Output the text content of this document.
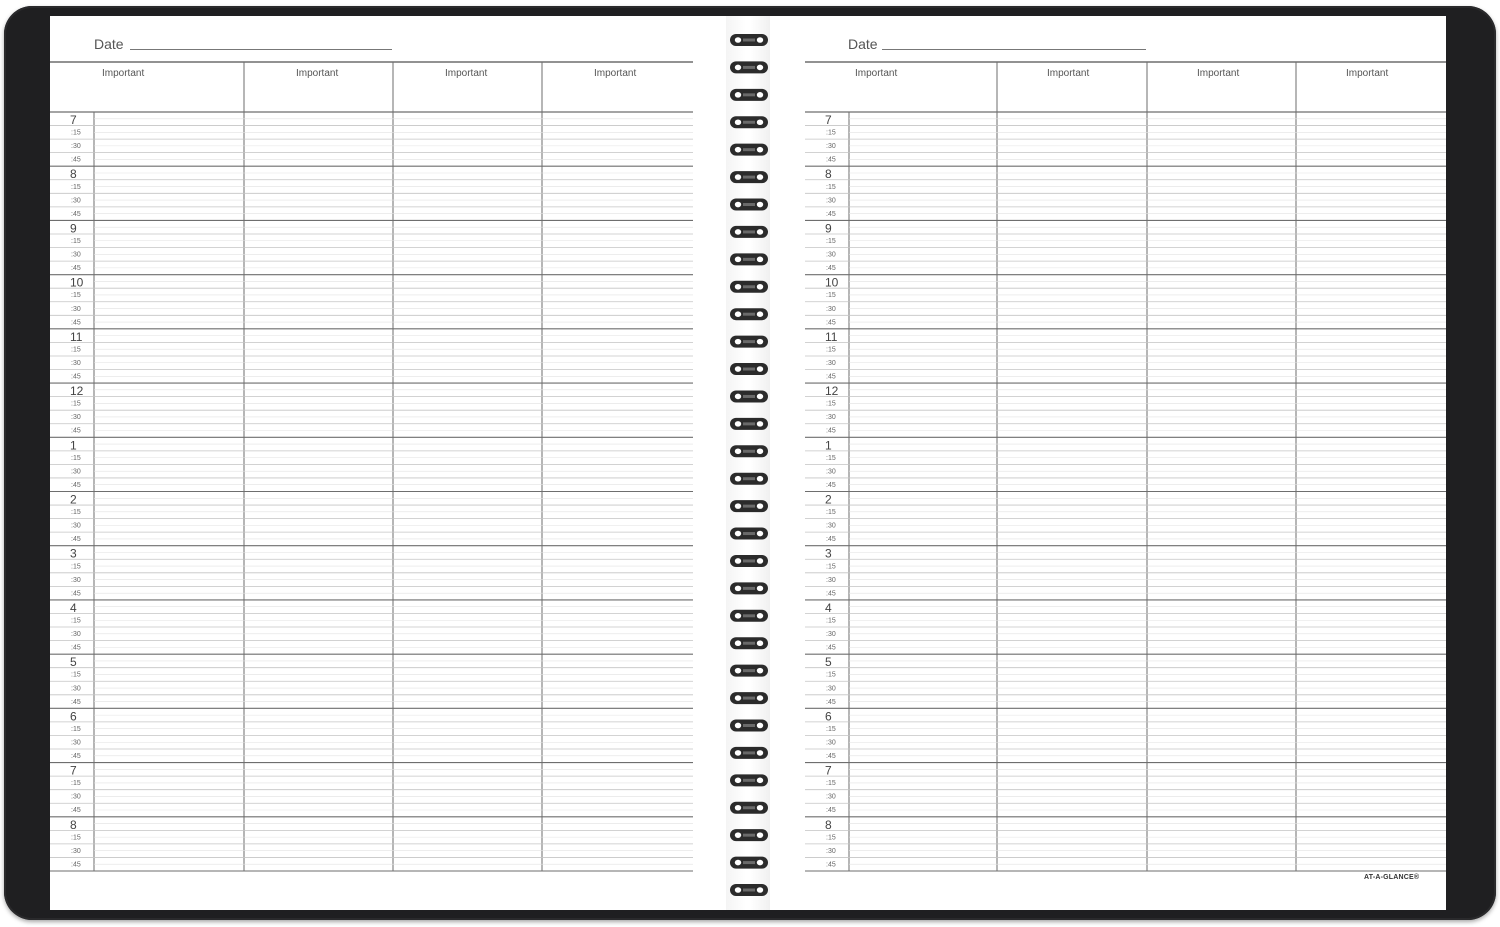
Date
Important	Important	Important	Important
7
:15
:30
:45
8
:15
:30
:45
9
:15
:30
:45
10
:15
:30
:45
11
:15
:30
:45
12
:15
:30
:45
1
:15
:30
:45
2
:15
:30
:45
3
:15
:30
:45
4
:15
:30
:45
5
:15
:30
:45
6
:15
:30
:45
7
:15
:30
:45
8
:15
:30
:45
Date
Important	Important	Important	Important
7
:15
:30
:45
8
:15
:30
:45
9
:15
:30
:45
10
:15
:30
:45
11
:15
:30
:45
12
:15
:30
:45
1
:15
:30
:45
2
:15
:30
:45
3
:15
:30
:45
4
:15
:30
:45
5
:15
:30
:45
6
:15
:30
:45
7
:15
:30
:45
8
:15
:30
:45
AT-A-GLANCE®
